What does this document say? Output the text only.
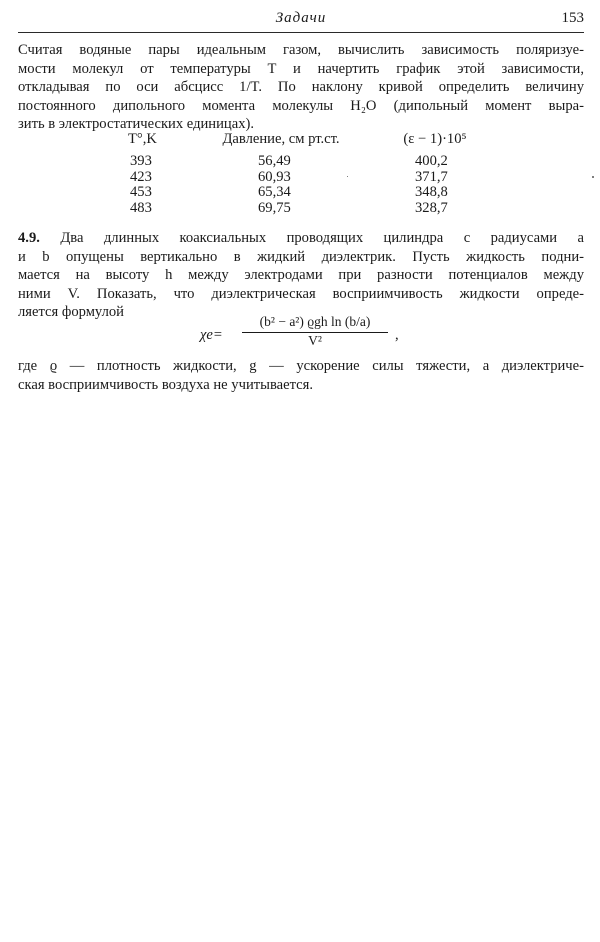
Задачи	153
Считая водяные пары идеальным газом, вычислить зависимость поляризуе-
мости молекул от температуры T и начертить график этой зависимости,
откладывая по оси абсцисс 1/T. По наклону кривой определить величину
постоянного дипольного момента молекулы H₂O (дипольный момент выра-
зить в электростатических единицах).
T°,K	Давление, см рт.ст.	(ε − 1)·10⁵
393	56,49	400,2
423	60,93	371,7
453	65,34	348,8
483	69,75	328,7
4.9. Два длинных коаксиальных проводящих цилиндра с радиусами a
и b опущены вертикально в жидкий диэлектрик. Пусть жидкость подни-
мается на высоту h между электродами при разности потенциалов между
ними V. Показать, что диэлектрическая восприимчивость жидкости опреде-
ляется формулой
χe=
(b² − a²) ϱgh ln (b/a)
V²	,
где ϱ — плотность жидкости, g — ускорение силы тяжести, а диэлектриче-
ская восприимчивость воздуха не учитывается.
